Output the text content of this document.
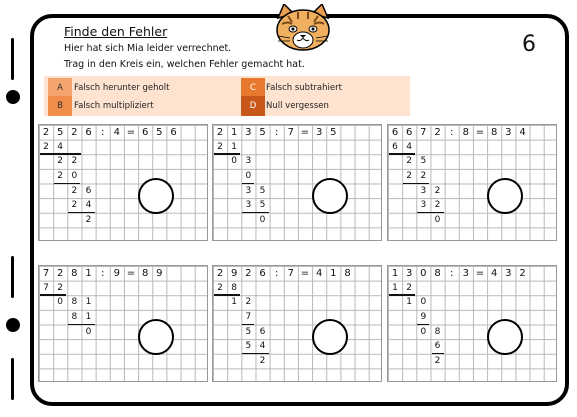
Finde den Fehler
Hier hat sich Mia leider verrechnet.
Trag in den Kreis ein, welchen Fehler gemacht hat.
6
A	Falsch herunter geholt
B	Falsch multipliziert
C	Falsch subtrahiert
D	Null vergessen
2 5 2 6 : 4 = 6 5 6
2 4
2 2
2 0
2 6
2 4
2
2 1 3 5 : 7 = 3 5
2 1
0 3
0
3 5
3 5
0
6 6 7 2 : 8 = 8 3 4
6 4
2 5
2 2
3 2
3 2
0
7 2 8 1 : 9 = 8 9
7 2
0 8 1
8 1
0
2 9 2 6 : 7 = 4 1 8
2 8
1 2
7
5 6
5 4
2
1 3 0 8 : 3 = 4 3 2
1 2
1 0
9
0 8
6
2
